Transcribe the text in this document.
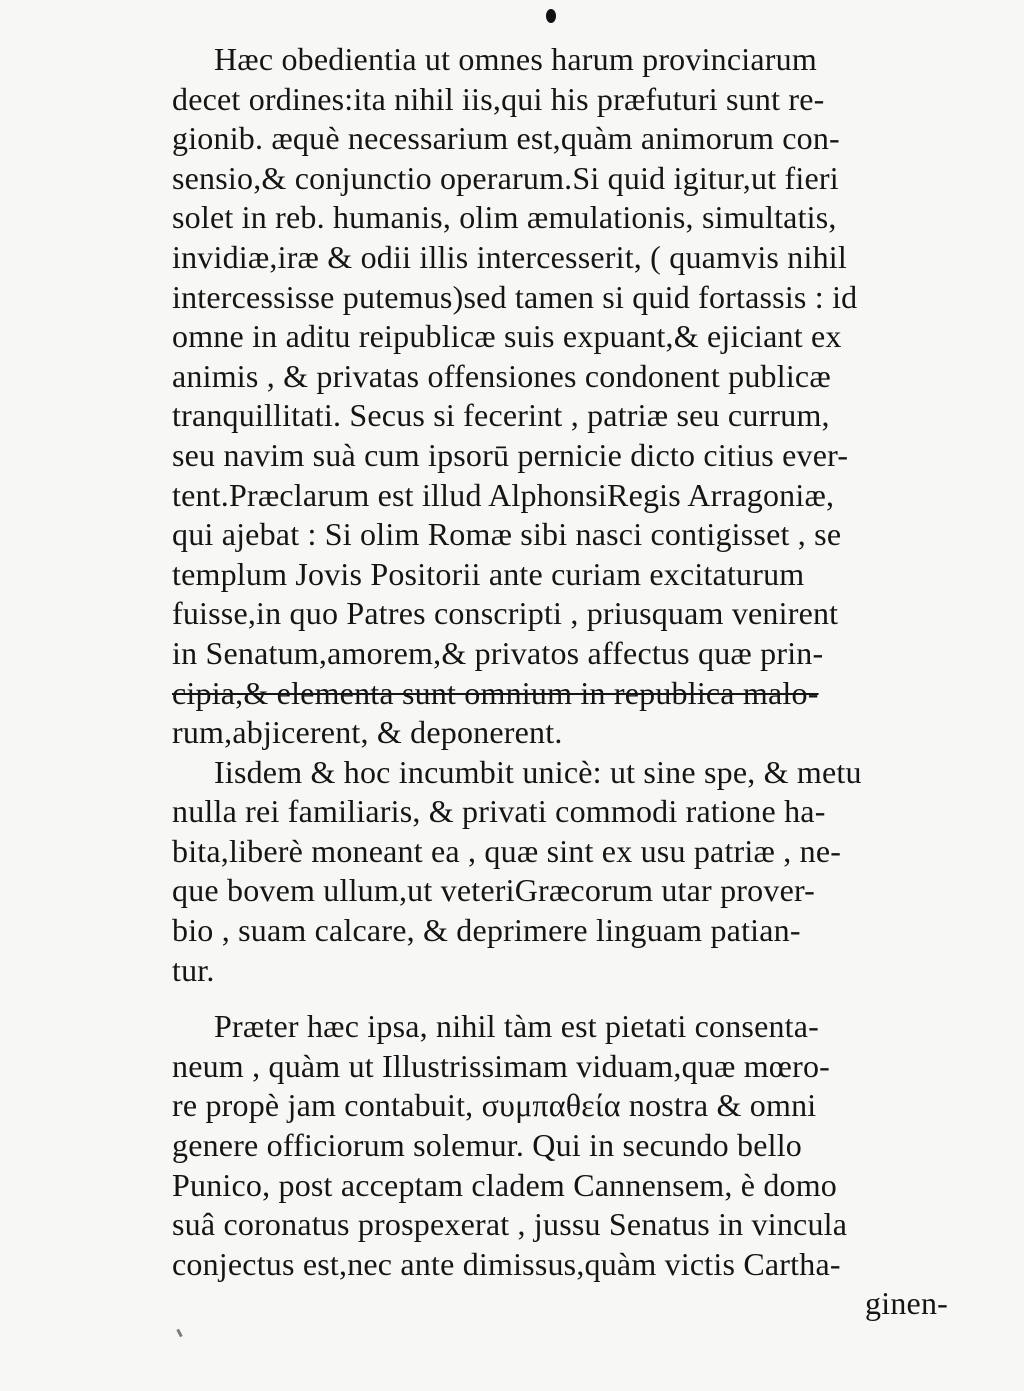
Hæc obedientia ut omnes harum provinciarum
decet ordines:ita nihil iis,qui his præfuturi sunt re-
gionib. æquè necessarium est,quàm animorum con-
sensio,& conjunctio operarum.Si quid igitur,ut fieri
solet in reb. humanis, olim æmulationis, simultatis,
invidiæ,iræ & odii illis intercesserit, ( quamvis nihil
intercessisse putemus)sed tamen si quid fortassis : id
omne in aditu reipublicæ suis expuant,& ejiciant ex
animis , & privatas offensiones condonent publicæ
tranquillitati. Secus si fecerint , patriæ seu currum,
seu navim suà cum ipsorū pernicie dicto citius ever-
tent.Præclarum est illud AlphonsiRegis Arragoniæ,
qui ajebat : Si olim Romæ sibi nasci contigisset , se
templum Jovis Positorii ante curiam excitaturum
fuisse,in quo Patres conscripti , priusquam venirent
in Senatum,amorem,& privatos affectus quæ prin-
cipia,& elementa sunt omnium in republica malo-
rum,abjicerent, & deponerent.
Iisdem & hoc incumbit unicè: ut sine spe, & metu
nulla rei familiaris, & privati commodi ratione ha-
bita,liberè moneant ea , quæ sint ex usu patriæ , ne-
que bovem ullum,ut veteriGræcorum utar prover-
bio , suam calcare, & deprimere linguam patian-
tur.
Præter hæc ipsa, nihil tàm est pietati consenta-
neum , quàm ut Illustrissimam viduam,quæ mœro-
re propè jam contabuit, συμπαθεία nostra & omni
genere officiorum solemur. Qui in secundo bello
Punico, post acceptam cladem Cannensem, è domo
suâ coronatus prospexerat , jussu Senatus in vincula
conjectus est,nec ante dimissus,quàm victis Cartha-
ginen-
